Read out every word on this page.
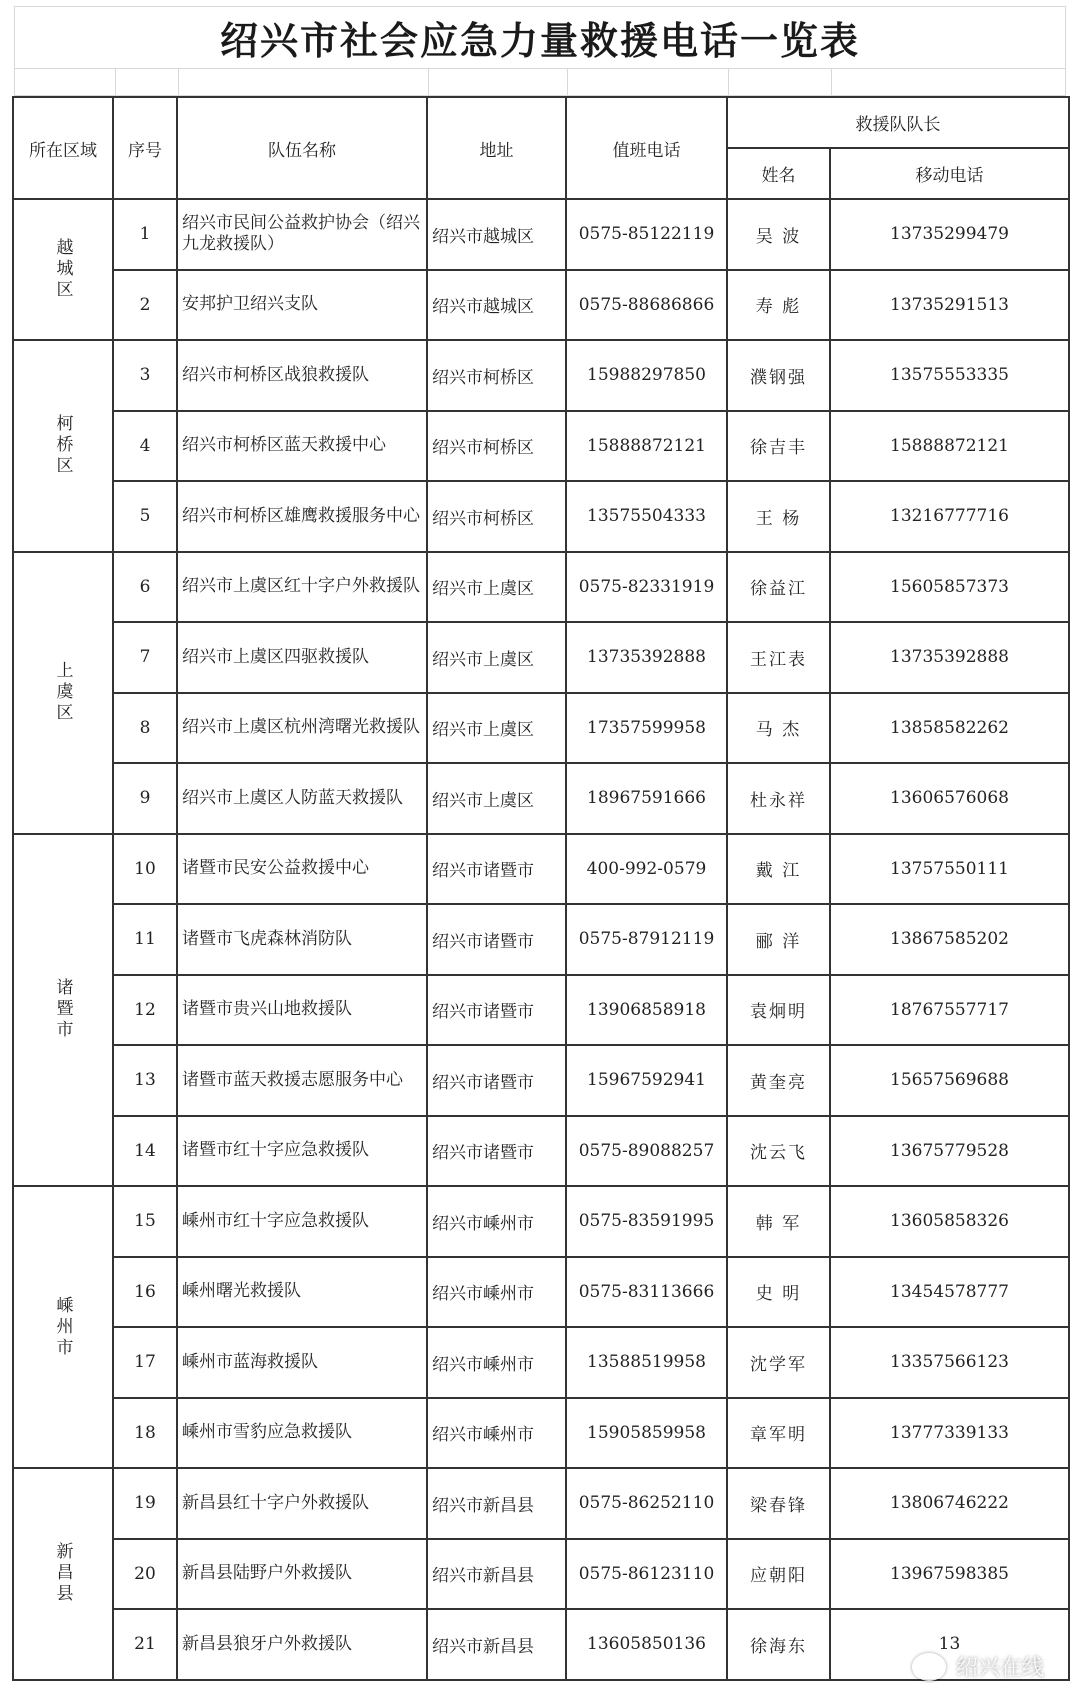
绍兴市社会应急力量救援电话一览表
所在区域	序号	队伍名称	地址	值班电话	救援队队长	
					姓名	移动电话
越城区	1	绍兴市民间公益救护协会（绍兴九龙救援队）	绍兴市越城区	0575-85122119	吴 波	13735299479
	2	安邦护卫绍兴支队	绍兴市越城区	0575-88686866	寿 彪	13735291513
柯桥区	3	绍兴市柯桥区战狼救援队	绍兴市柯桥区	15988297850	濮钢强	13575553335
	4	绍兴市柯桥区蓝天救援中心	绍兴市柯桥区	15888872121	徐吉丰	15888872121
	5	绍兴市柯桥区雄鹰救援服务中心	绍兴市柯桥区	13575504333	王 杨	13216777716
上虞区	6	绍兴市上虞区红十字户外救援队	绍兴市上虞区	0575-82331919	徐益江	15605857373
	7	绍兴市上虞区四驱救援队	绍兴市上虞区	13735392888	王江表	13735392888
	8	绍兴市上虞区杭州湾曙光救援队	绍兴市上虞区	17357599958	马 杰	13858582262
	9	绍兴市上虞区人防蓝天救援队	绍兴市上虞区	18967591666	杜永祥	13606576068
诸暨市	10	诸暨市民安公益救援中心	绍兴市诸暨市	400-992-0579	戴 江	13757550111
	11	诸暨市飞虎森林消防队	绍兴市诸暨市	0575-87912119	郦 洋	13867585202
	12	诸暨市贵兴山地救援队	绍兴市诸暨市	13906858918	袁炯明	18767557717
	13	诸暨市蓝天救援志愿服务中心	绍兴市诸暨市	15967592941	黄奎亮	15657569688
	14	诸暨市红十字应急救援队	绍兴市诸暨市	0575-89088257	沈云飞	13675779528
嵊州市	15	嵊州市红十字应急救援队	绍兴市嵊州市	0575-83591995	韩 军	13605858326
	16	嵊州曙光救援队	绍兴市嵊州市	0575-83113666	史 明	13454578777
	17	嵊州市蓝海救援队	绍兴市嵊州市	13588519958	沈学军	13357566123
	18	嵊州市雪豹应急救援队	绍兴市嵊州市	15905859958	章军明	13777339133
新昌县	19	新昌县红十字户外救援队	绍兴市新昌县	0575-86252110	梁春锋	13806746222
	20	新昌县陆野户外救援队	绍兴市新昌县	0575-86123110	应朝阳	13967598385
	21	新昌县狼牙户外救援队	绍兴市新昌县	13605850136	徐海东	13
绍兴在线
